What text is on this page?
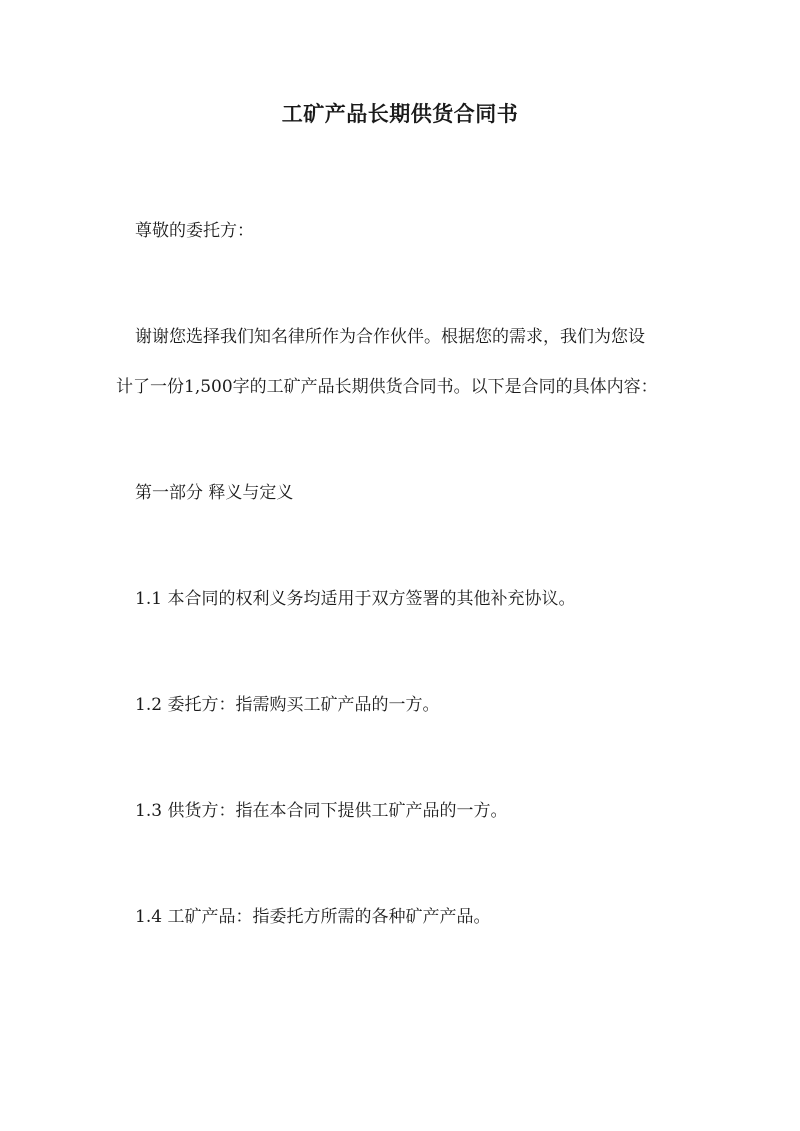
工矿产品长期供货合同书
尊敬的委托方：
谢谢您选择我们知名律所作为合作伙伴。根据您的需求，我们为您设
计了一份1,500字的工矿产品长期供货合同书。以下是合同的具体内容：
第一部分 释义与定义
1.1 本合同的权利义务均适用于双方签署的其他补充协议。
1.2 委托方：指需购买工矿产品的一方。
1.3 供货方：指在本合同下提供工矿产品的一方。
1.4 工矿产品：指委托方所需的各种矿产产品。
